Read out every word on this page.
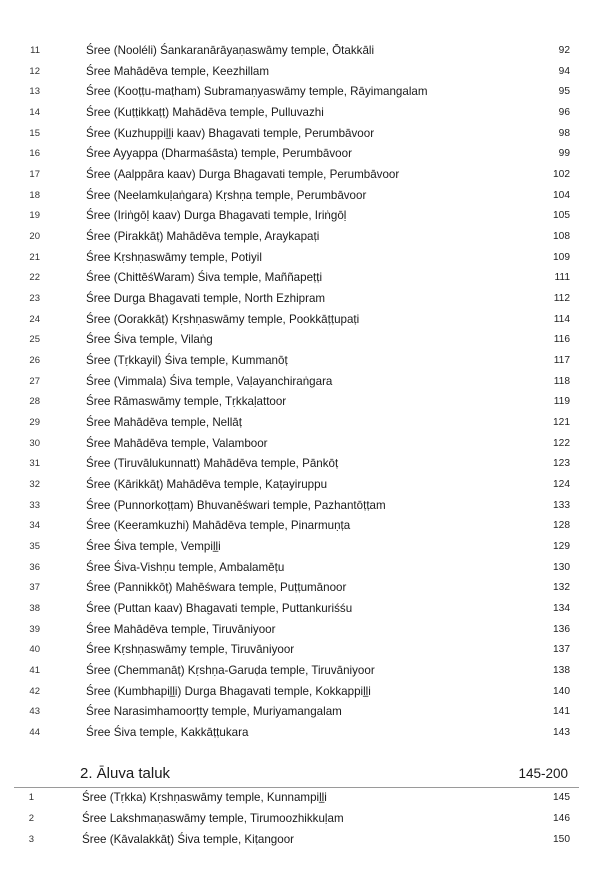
11	Śree (Nooléli) Śankaranārāyaṇaswāmy temple, Ōtakkāli	92
12	Śree Mahādēva temple, Keezhillam	94
13	Śree (Kooṭṭu-maṭham) Subramaṇyaswāmy temple, Rāyimangalam	95
14	Śree (Kuṭṭikkaṭṭ) Mahādēva temple, Pulluvazhi	96
15	Śree (Kuzhuppiḻḻi kaav) Bhagavati temple, Perumbāvoor	98
16	Śree Ayyappa (Dharmaśāsta) temple, Perumbāvoor	99
17	Śree (Aalppāra kaav) Durga Bhagavati temple, Perumbāvoor	102
18	Śree (Neelamkuḷaṅgara) Kṛshṇa temple, Perumbāvoor	104
19	Śree (Iriṅgōḷ kaav) Durga Bhagavati temple, Iriṅgōḷ	105
20	Śree (Pirakkāṭ) Mahādēva temple, Araykapaṭi	108
21	Śree Kṛshṇaswāmy temple, Potiyil	109
22	Śree (ChittēśWaram) Śiva temple, Maññapeṭṭi	111
23	Śree Durga Bhagavati temple, North Ezhipram	112
24	Śree (Oorakkāṭ) Kṛshṇaswāmy temple, Pookkāṭṭupaṭi	114
25	Śree Śiva temple, Vilaṅg	116
26	Śree (Tṛkkayil) Śiva temple, Kummanōṭ	117
27	Śree (Vimmala) Śiva temple, Vaḷayanchiraṅgara	118
28	Śree Rāmaswāmy temple, Tṛkkaḷattoor	119
29	Śree Mahādēva temple, Nellāṭ	121
30	Śree Mahādēva temple, Valamboor	122
31	Śree (Tiruvālukunnatt) Mahādēva temple, Pānkōṭ	123
32	Śree (Kārikkāṭ) Mahādēva temple, Kaṭayiruppu	124
33	Śree (Punnorkoṭṭam) Bhuvanēśwari temple, Pazhantōṭṭam	133
34	Śree (Keeramkuzhi) Mahādēva temple, Pinarmuṇṭa	128
35	Śree Śiva temple, Vempiḻḻi	129
36	Śree Śiva-Vishṇu temple, Ambalamēṭu	130
37	Śree (Pannikkōṭ) Mahēśwara temple, Puṭṭumānoor	132
38	Śree (Puttan kaav) Bhagavati temple, Puttankuriśśu	134
39	Śree Mahādēva temple, Tiruvāniyoor	136
40	Śree Kṛshṇaswāmy temple, Tiruvāniyoor	137
41	Śree (Chemmanāṭ) Kṛshṇa-Garuḍa temple, Tiruvāniyoor	138
42	Śree (Kumbhapiḻḻi) Durga Bhagavati temple, Kokkappiḻḻi	140
43	Śree Narasimhamoorṭty temple, Muriyamangalam	141
44	Śree Śiva temple, Kakkāṭṭukara	143
2. Āluva taluk	145-200
1	Śree (Tṛkka) Kṛshṇaswāmy temple, Kunnampiḻḻi	145
2	Śree Lakshmaṇaswāmy temple, Tirumoozhikkuḷam	146
3	Śree (Kāvalakkāṭ) Śiva temple, Kiṭangoor	150
